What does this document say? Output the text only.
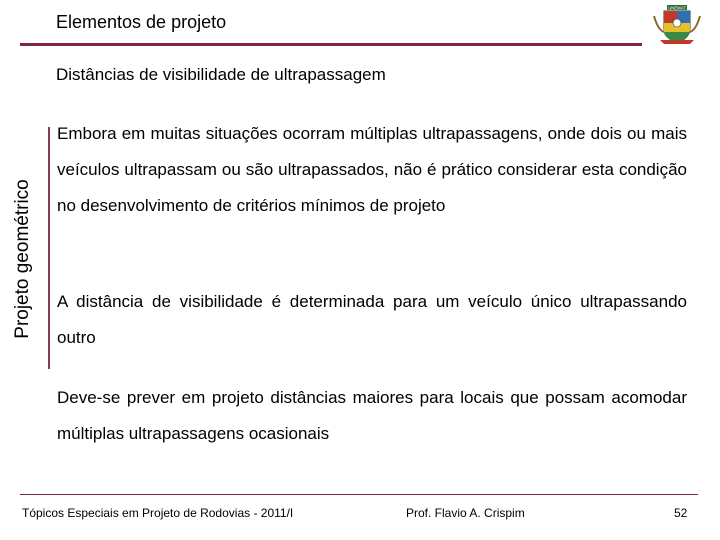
Elementos de projeto
UNEMAT
Projeto geométrico
Distâncias de visibilidade de ultrapassagem
Embora em muitas situações ocorram múltiplas ultrapassagens, onde dois ou mais veículos ultrapassam ou são ultrapassados, não é prático considerar esta condição no desenvolvimento de critérios mínimos de projeto
A distância de visibilidade é determinada para um veículo único ultrapassando outro
Deve-se prever em projeto distâncias maiores para locais que possam acomodar múltiplas ultrapassagens ocasionais
Tópicos Especiais em Projeto de Rodovias - 2011/I	Prof. Flavio A. Crispim	52
